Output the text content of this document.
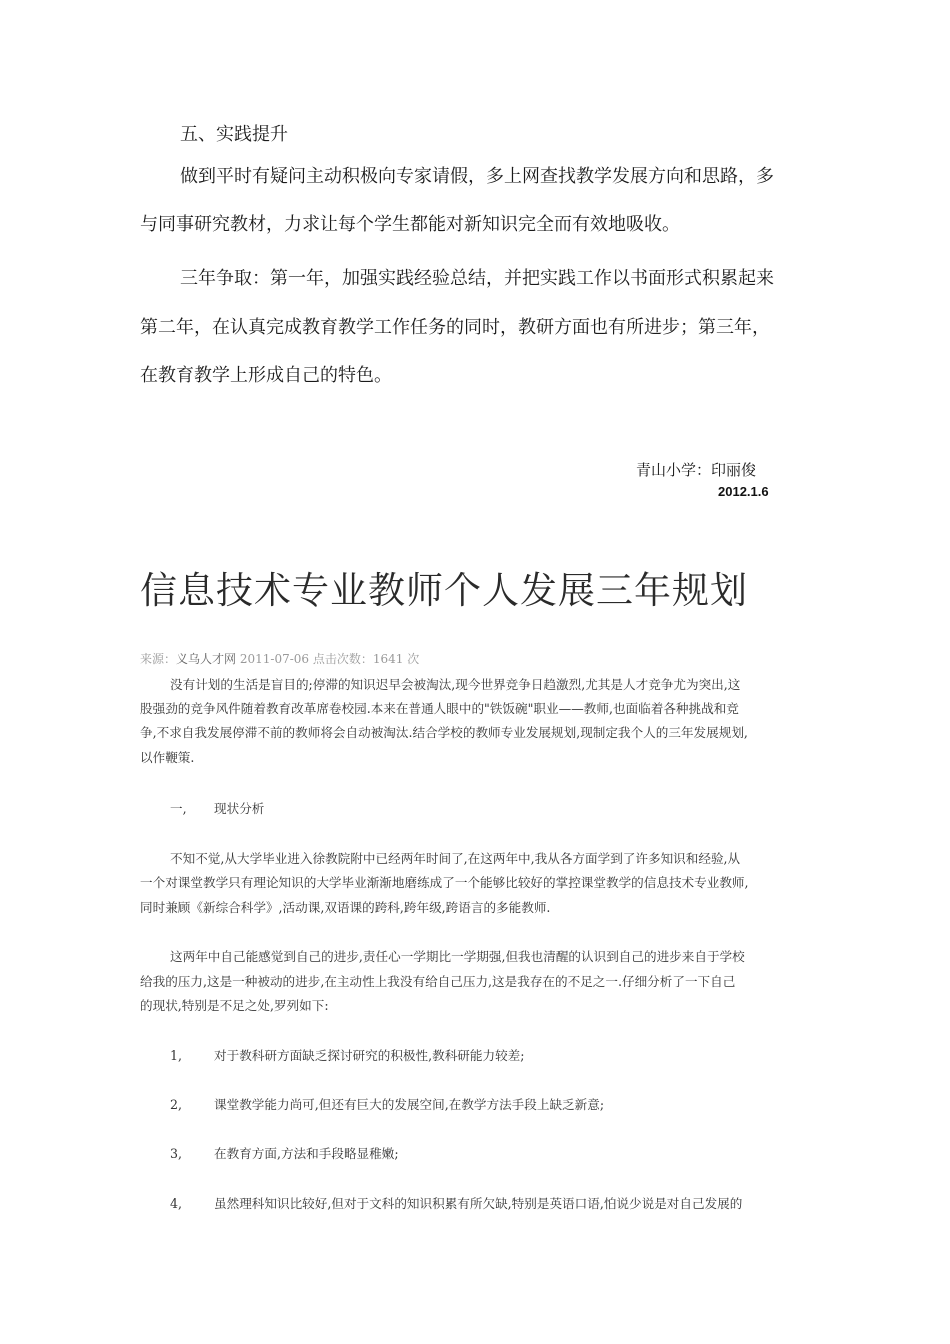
五、实践提升
做到平时有疑问主动积极向专家请假，多上网查找教学发展方向和思路，多
与同事研究教材，力求让每个学生都能对新知识完全而有效地吸收。
三年争取：第一年，加强实践经验总结，并把实践工作以书面形式积累起来
第二年，在认真完成教育教学工作任务的同时，教研方面也有所进步；第三年，
在教育教学上形成自己的特色。
青山小学：印丽俊
2012.1.6
信息技术专业教师个人发展三年规划
来源：义乌人才网 2011-07-06 点击次数：1641 次
没有计划的生活是盲目的;停滞的知识迟早会被淘汰,现今世界竞争日趋激烈,尤其是人才竞争尤为突出,这
股强劲的竞争风件随着教育改革席卷校园.本来在普通人眼中的"铁饭碗"职业——教师,也面临着各种挑战和竞
争,不求自我发展停滞不前的教师将会自动被淘汰.结合学校的教师专业发展规划,现制定我个人的三年发展规划,
以作鞭策.
一, 现状分析
不知不觉,从大学毕业进入徐教院附中已经两年时间了,在这两年中,我从各方面学到了许多知识和经验,从
一个对课堂教学只有理论知识的大学毕业渐渐地磨练成了一个能够比较好的掌控课堂教学的信息技术专业教师,
同时兼顾《新综合科学》,活动课,双语课的跨科,跨年级,跨语言的多能教师.
这两年中自己能感觉到自己的进步,责任心一学期比一学期强,但我也清醒的认识到自己的进步来自于学校
给我的压力,这是一种被动的进步,在主动性上我没有给自己压力,这是我存在的不足之一.仔细分析了一下自己
的现状,特别是不足之处,罗列如下:
1,	对于教科研方面缺乏探讨研究的积极性,教科研能力较差;
2,	课堂教学能力尚可,但还有巨大的发展空间,在教学方法手段上缺乏新意;
3,	在教育方面,方法和手段略显稚嫩;
4,	虽然理科知识比较好,但对于文科的知识积累有所欠缺,特别是英语口语,怕说少说是对自己发展的
